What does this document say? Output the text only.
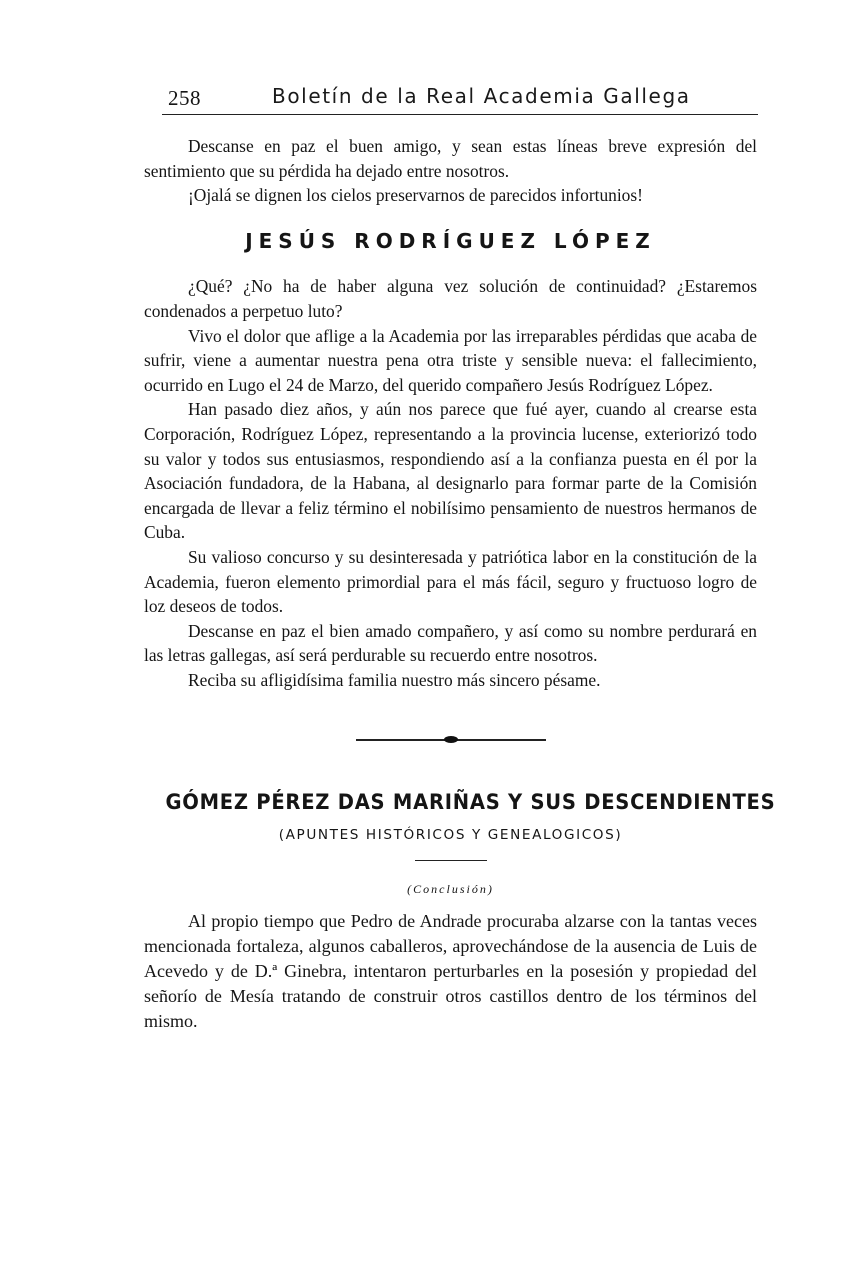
258	Boletín de la Real Academia Gallega

Descanse en paz el buen amigo, y sean estas líneas breve expresión del sentimiento que su pérdida ha dejado entre nosotros.

¡Ojalá se dignen los cielos preservarnos de parecidos infortunios!

JESÚS RODRÍGUEZ LÓPEZ

¿Qué? ¿No ha de haber alguna vez solución de continuidad? ¿Estaremos condenados a perpetuo luto?

Vivo el dolor que aflige a la Academia por las irreparables pérdidas que acaba de sufrir, viene a aumentar nuestra pena otra triste y sensible nueva: el fallecimiento, ocurrido en Lugo el 24 de Marzo, del querido compañero Jesús Rodríguez López.

Han pasado diez años, y aún nos parece que fué ayer, cuando al crearse esta Corporación, Rodríguez López, representando a la provincia lucense, exteriorizó todo su valor y todos sus entusiasmos, respondiendo así a la confianza puesta en él por la Asociación fundadora, de la Habana, al designarlo para formar parte de la Comisión encargada de llevar a feliz término el nobilísimo pensamiento de nuestros hermanos de Cuba.

Su valioso concurso y su desinteresada y patriótica labor en la constitución de la Academia, fueron elemento primordial para el más fácil, seguro y fructuoso logro de loz deseos de todos.

Descanse en paz el bien amado compañero, y así como su nombre perdurará en las letras gallegas, así será perdurable su recuerdo entre nosotros.

Reciba su afligidísima familia nuestro más sincero pésame.

GÓMEZ PÉREZ DAS MARIÑAS Y SUS DESCENDIENTES
(APUNTES HISTÓRICOS Y GENEALOGICOS)
(Conclusión)

Al propio tiempo que Pedro de Andrade procuraba alzarse con la tantas veces mencionada fortaleza, algunos caballeros, aprovechándose de la ausencia de Luis de Acevedo y de D.ª Ginebra, intentaron perturbarles en la posesión y propiedad del señorío de Mesía tratando de construir otros castillos dentro de los términos del mismo.
